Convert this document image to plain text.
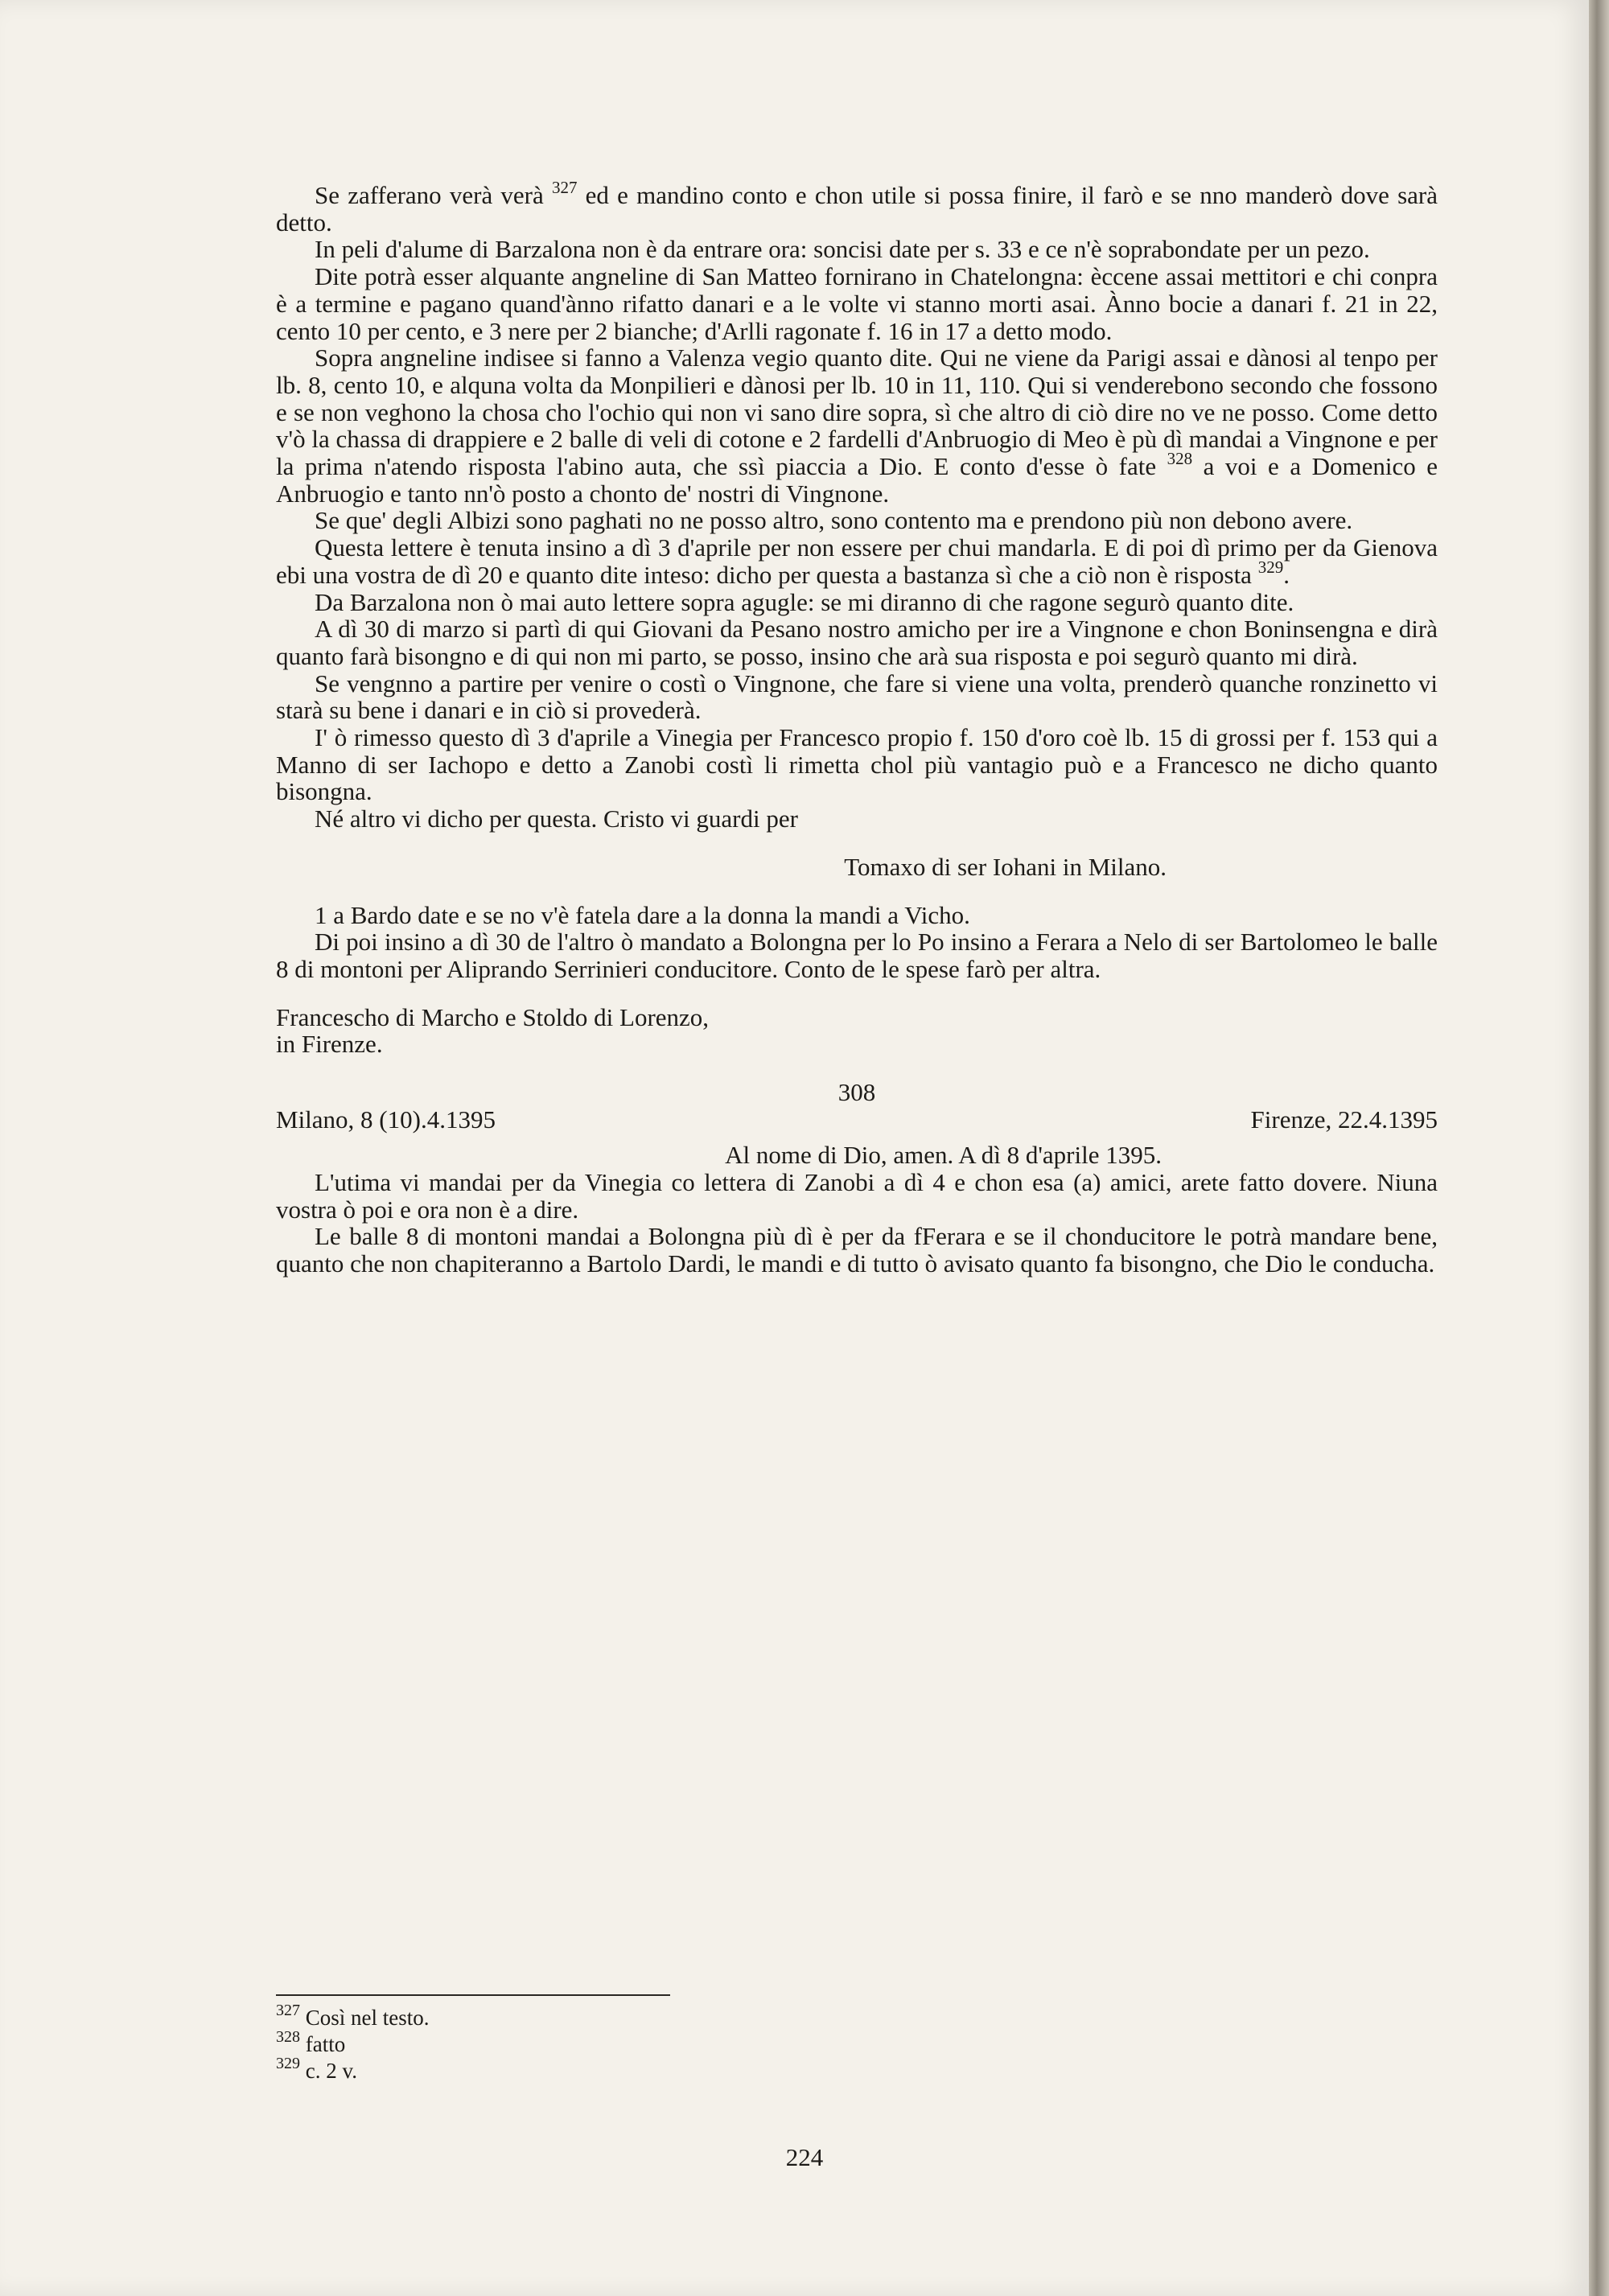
Se zafferano verà verà $^{327}$ ed e mandino conto e chon utile si possa finire, il farò e se nno manderò dove sarà detto.

In peli d'alume di Barzalona non è da entrare ora: soncisi date per s. 33 e ce n'è soprabondate per un pezo.

Dite potrà esser alquante angneline di San Matteo fornirano in Chatelongna: èccene assai mettitori e chi conpra è a termine e pagano quand'ànno rifatto danari e a le volte vi stanno morti asai. Ànno bocie a danari f. 21 in 22, cento 10 per cento, e 3 nere per 2 bianche; d'Arlli ragonate f. 16 in 17 a detto modo.

Sopra angneline indisee si fanno a Valenza vegio quanto dite. Qui ne viene da Parigi assai e dànosi al tenpo per lb. 8, cento 10, e alquna volta da Monpilieri e dànosi per lb. 10 in 11, 110. Qui si venderebono secondo che fossono e se non veghono la chosa cho l'ochio qui non vi sano dire sopra, sì che altro di ciò dire no ve ne posso. Come detto v'ò la chassa di drappiere e 2 balle di veli di cotone e 2 fardelli d'Anbruogio di Meo è pù dì mandai a Vingnone e per la prima n'atendo risposta l'abino auta, che ssì piaccia a Dio. E conto d'esse ò fate $^{328}$ a voi e a Domenico e Anbruogio e tanto nn'ò posto a chonto de' nostri di Vingnone.

Se que' degli Albizi sono paghati no ne posso altro, sono contento ma e prendono più non debono avere.

Questa lettere è tenuta insino a dì 3 d'aprile per non essere per chui mandarla. E di poi dì primo per da Gienova ebi una vostra de dì 20 e quanto dite inteso: dicho per questa a bastanza sì che a ciò non è risposta $^{329}$.

Da Barzalona non ò mai auto lettere sopra agugle: se mi diranno di che ragone segurò quanto dite.

A dì 30 di marzo si partì di qui Giovani da Pesano nostro amicho per ire a Vingnone e chon Boninsengna e dirà quanto farà bisongno e di qui non mi parto, se posso, insino che arà sua risposta e poi segurò quanto mi dirà.

Se vengnno a partire per venire o costì o Vingnone, che fare si viene una volta, prenderò quanche ronzinetto vi starà su bene i danari e in ciò si provederà.

I' ò rimesso questo dì 3 d'aprile a Vinegia per Francesco propio f. 150 d'oro coè lb. 15 di grossi per f. 153 qui a Manno di ser Iachopo e detto a Zanobi costì li rimetta chol più vantagio può e a Francesco ne dicho quanto bisongna.

Né altro vi dicho per questa. Cristo vi guardi per

Tomaxo di ser Iohani in Milano.

1 a Bardo date e se no v'è fatela dare a la donna la mandi a Vicho.

Di poi insino a dì 30 de l'altro ò mandato a Bolongna per lo Po insino a Ferara a Nelo di ser Bartolomeo le balle 8 di montoni per Aliprando Serrinieri conducitore. Conto de le spese farò per altra.

Francescho di Marcho e Stoldo di Lorenzo,

in Firenze.

308
Milano, 8 (10).4.1395	Firenze, 22.4.1395

Al nome di Dio, amen. A dì 8 d'aprile 1395.

L'utima vi mandai per da Vinegia co lettera di Zanobi a dì 4 e chon esa (a) amici, arete fatto dovere. Niuna vostra ò poi e ora non è a dire.

Le balle 8 di montoni mandai a Bolongna più dì è per da fFerara e se il chonducitore le potrà mandare bene, quanto che non chapiteranno a Bartolo Dardi, le mandi e di tutto ò avisato quanto fa bisongno, che Dio le conducha.

$^{327}$ Così nel testo.
$^{328}$ fatto
$^{329}$ c. 2 v.
224
